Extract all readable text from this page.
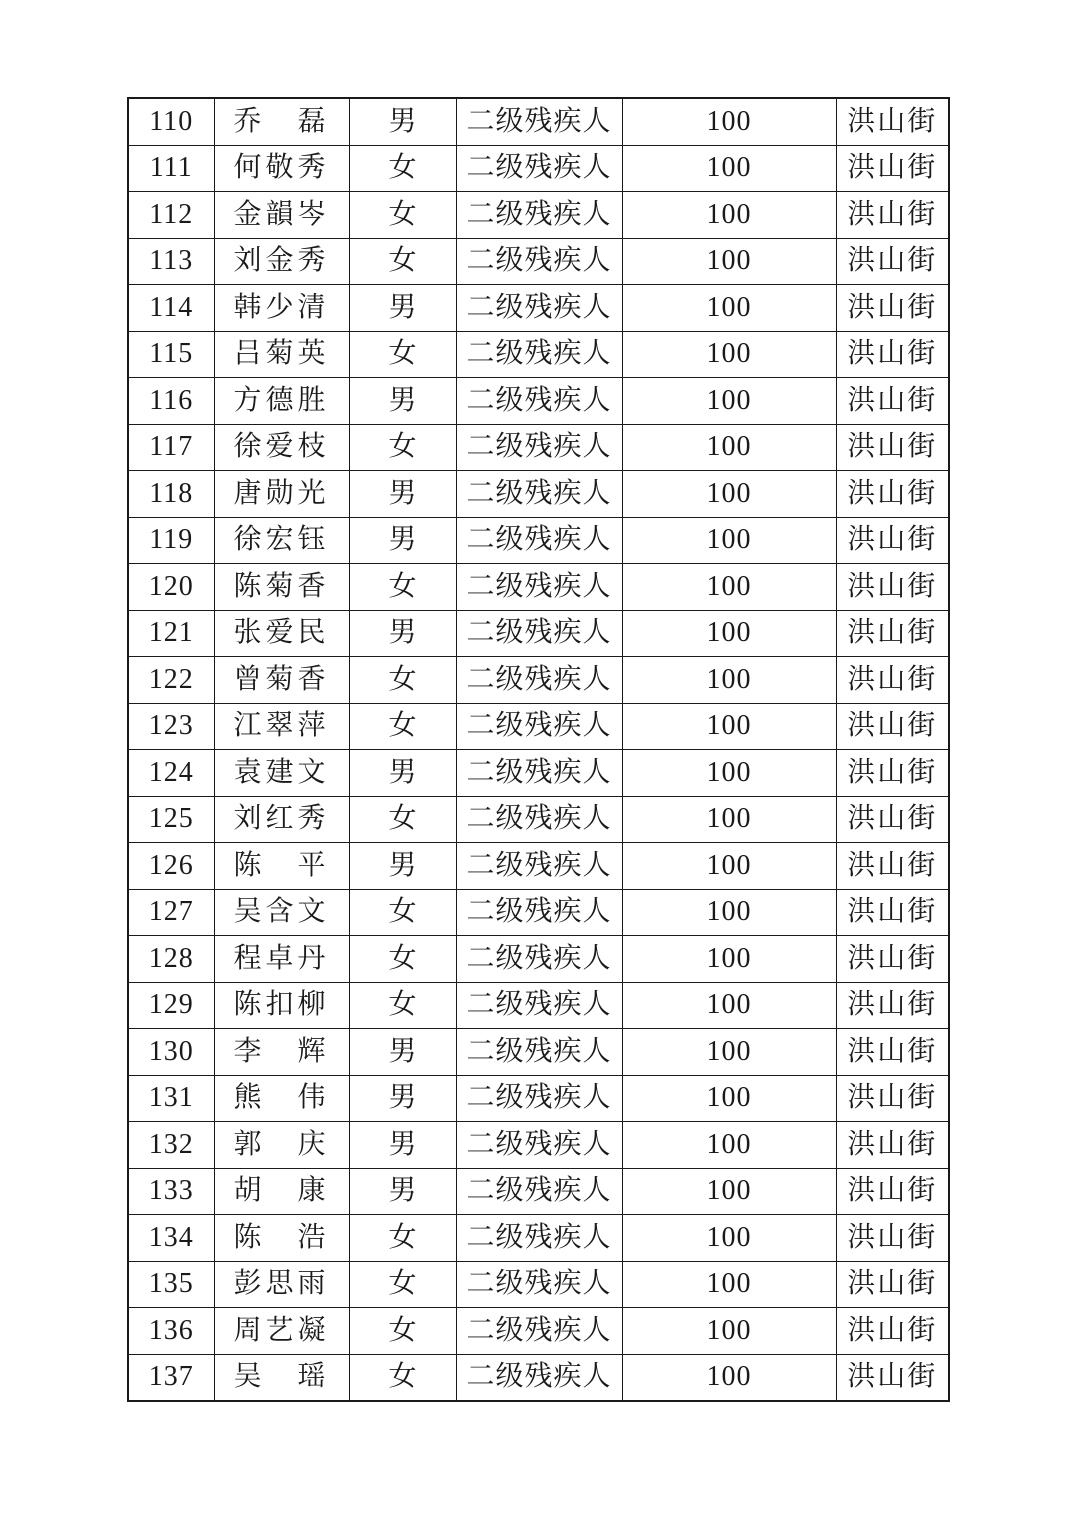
110	乔　磊	男	二级残疾人	100	洪山街
111	何敬秀	女	二级残疾人	100	洪山街
112	金韻岑	女	二级残疾人	100	洪山街
113	刘金秀	女	二级残疾人	100	洪山街
114	韩少清	男	二级残疾人	100	洪山街
115	吕菊英	女	二级残疾人	100	洪山街
116	方德胜	男	二级残疾人	100	洪山街
117	徐爱枝	女	二级残疾人	100	洪山街
118	唐勋光	男	二级残疾人	100	洪山街
119	徐宏钰	男	二级残疾人	100	洪山街
120	陈菊香	女	二级残疾人	100	洪山街
121	张爱民	男	二级残疾人	100	洪山街
122	曾菊香	女	二级残疾人	100	洪山街
123	江翠萍	女	二级残疾人	100	洪山街
124	袁建文	男	二级残疾人	100	洪山街
125	刘红秀	女	二级残疾人	100	洪山街
126	陈　平	男	二级残疾人	100	洪山街
127	吴含文	女	二级残疾人	100	洪山街
128	程卓丹	女	二级残疾人	100	洪山街
129	陈扣柳	女	二级残疾人	100	洪山街
130	李　辉	男	二级残疾人	100	洪山街
131	熊　伟	男	二级残疾人	100	洪山街
132	郭　庆	男	二级残疾人	100	洪山街
133	胡　康	男	二级残疾人	100	洪山街
134	陈　浩	女	二级残疾人	100	洪山街
135	彭思雨	女	二级残疾人	100	洪山街
136	周艺凝	女	二级残疾人	100	洪山街
137	吴　瑶	女	二级残疾人	100	洪山街
